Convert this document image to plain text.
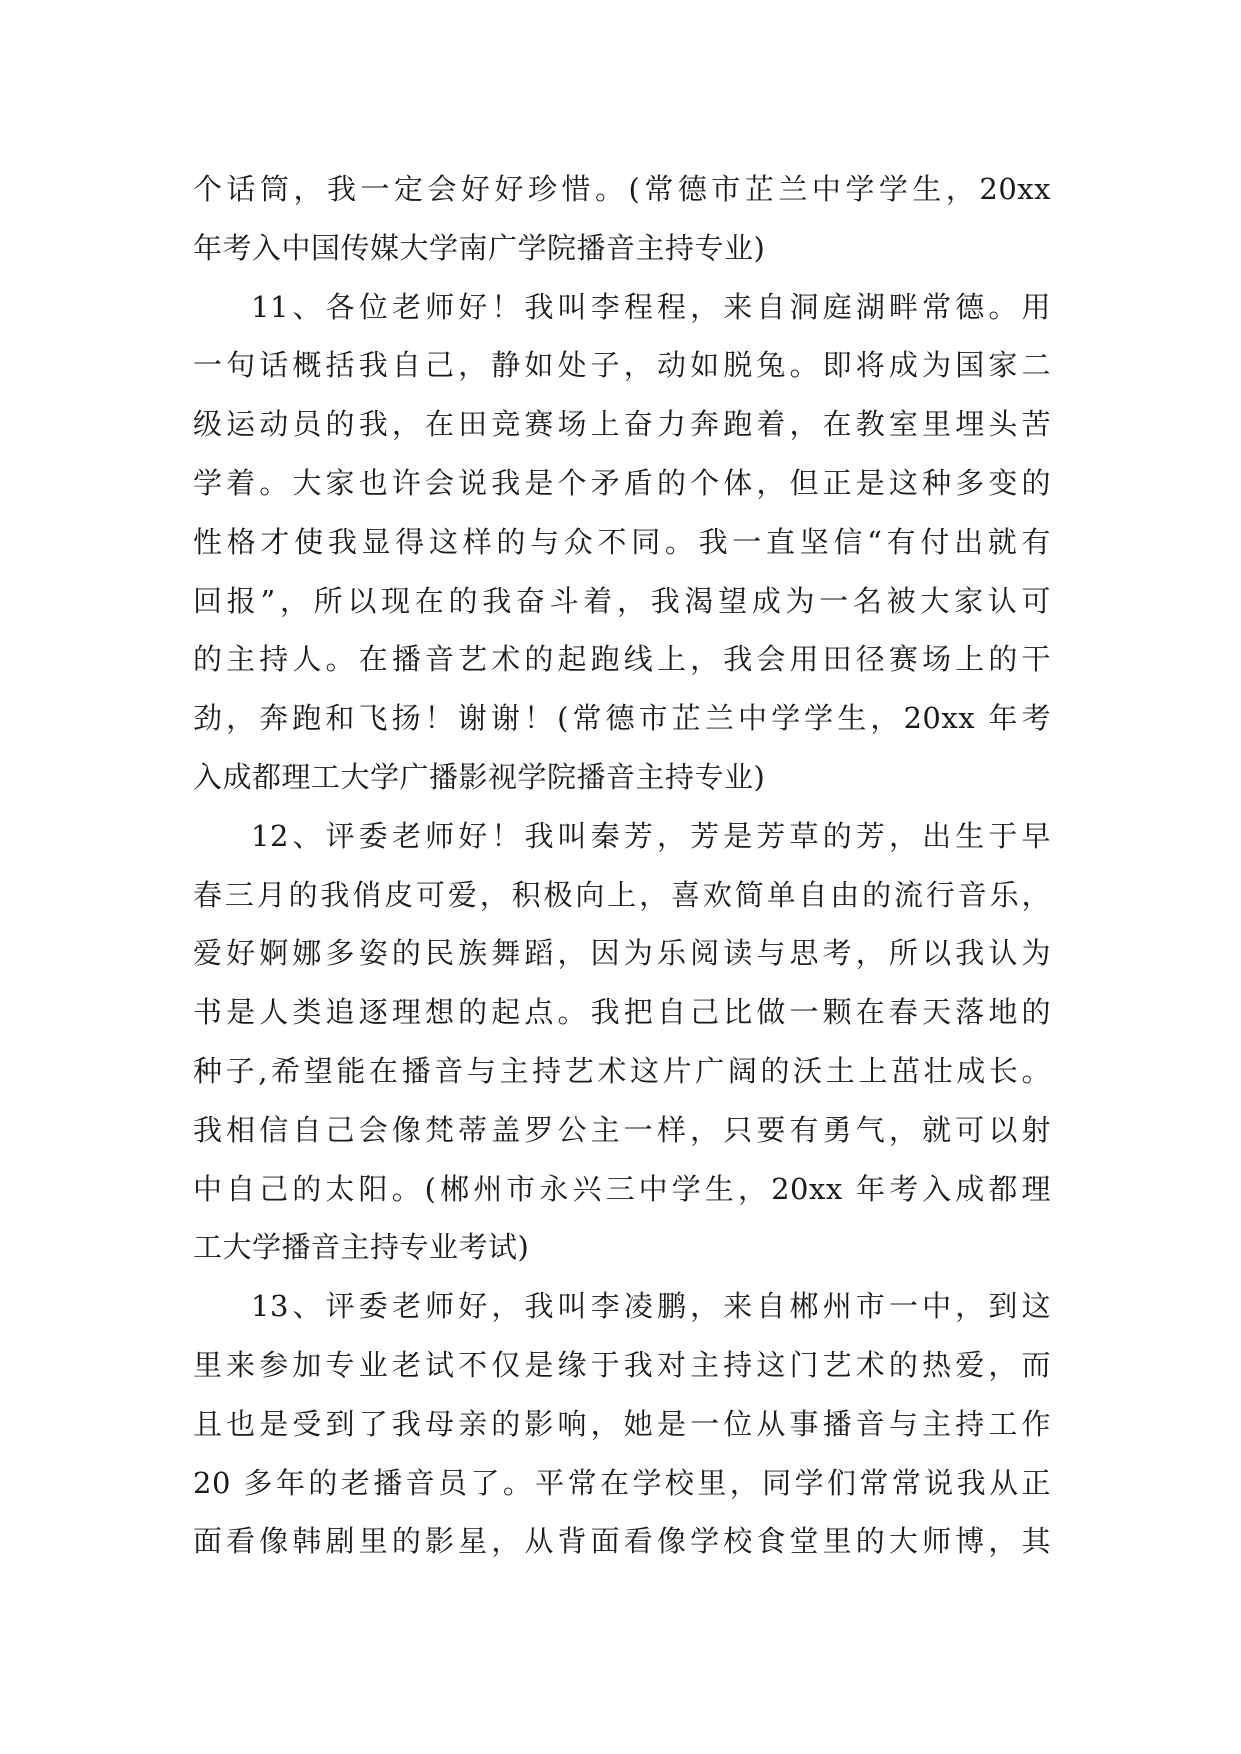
个话筒，我一定会好好珍惜。(常德市芷兰中学学生，20xx
年考入中国传媒大学南广学院播音主持专业)
11、各位老师好！我叫李程程，来自洞庭湖畔常德。用
一句话概括我自己，静如处子，动如脱兔。即将成为国家二
级运动员的我，在田竞赛场上奋力奔跑着，在教室里埋头苦
学着。大家也许会说我是个矛盾的个体，但正是这种多变的
性格才使我显得这样的与众不同。我一直坚信“有付出就有
回报”，所以现在的我奋斗着，我渴望成为一名被大家认可
的主持人。在播音艺术的起跑线上，我会用田径赛场上的干
劲，奔跑和飞扬！谢谢！(常德市芷兰中学学生，20xx 年考
入成都理工大学广播影视学院播音主持专业)
12、评委老师好！我叫秦芳，芳是芳草的芳，出生于早
春三月的我俏皮可爱，积极向上，喜欢简单自由的流行音乐，
爱好婀娜多姿的民族舞蹈，因为乐阅读与思考，所以我认为
书是人类追逐理想的起点。我把自己比做一颗在春天落地的
种子,希望能在播音与主持艺术这片广阔的沃土上茁壮成长。
我相信自己会像梵蒂盖罗公主一样，只要有勇气，就可以射
中自己的太阳。(郴州市永兴三中学生，20xx 年考入成都理
工大学播音主持专业考试)
13、评委老师好，我叫李凌鹏，来自郴州市一中，到这
里来参加专业老试不仅是缘于我对主持这门艺术的热爱，而
且也是受到了我母亲的影响，她是一位从事播音与主持工作
20 多年的老播音员了。平常在学校里，同学们常常说我从正
面看像韩剧里的影星，从背面看像学校食堂里的大师博，其
